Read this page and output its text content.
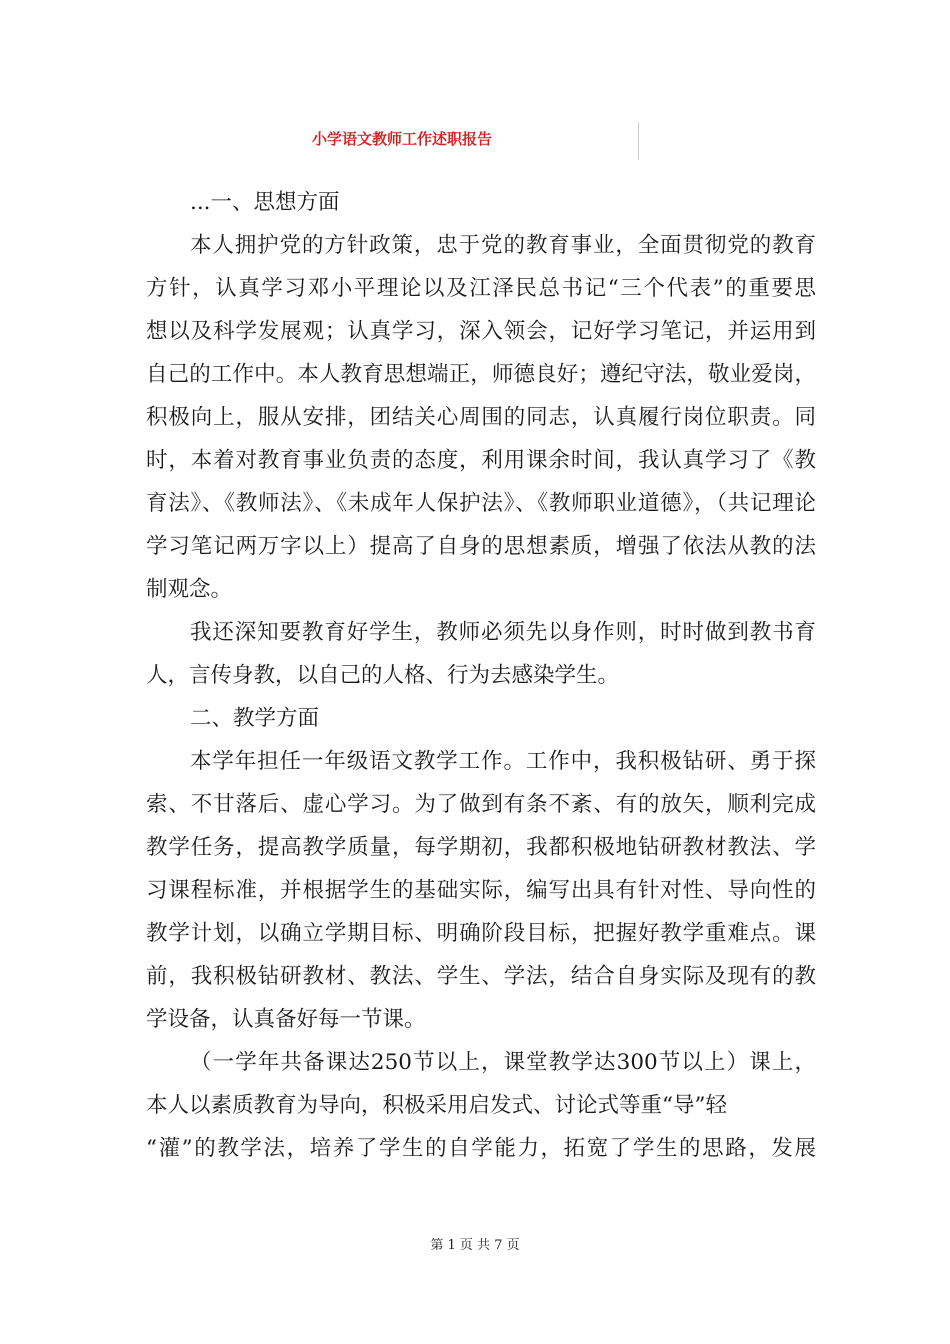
小学语文教师工作述职报告
...一、思想方面
本人拥护党的方针政策，忠于党的教育事业，全面贯彻党的教育
方针，认真学习邓小平理论以及江泽民总书记“三个代表”的重要思
想以及科学发展观；认真学习，深入领会，记好学习笔记，并运用到
自己的工作中。本人教育思想端正，师德良好；遵纪守法，敬业爱岗，
积极向上，服从安排，团结关心周围的同志，认真履行岗位职责。同
时，本着对教育事业负责的态度，利用课余时间，我认真学习了《教
育法》、《教师法》、《未成年人保护法》、《教师职业道德》，（共记理论
学习笔记两万字以上）提高了自身的思想素质，增强了依法从教的法
制观念。
我还深知要教育好学生，教师必须先以身作则，时时做到教书育
人，言传身教，以自己的人格、行为去感染学生。
二、教学方面
本学年担任一年级语文教学工作。工作中，我积极钻研、勇于探
索、不甘落后、虚心学习。为了做到有条不紊、有的放矢，顺利完成
教学任务，提高教学质量，每学期初，我都积极地钻研教材教法、学
习课程标准，并根据学生的基础实际，编写出具有针对性、导向性的
教学计划，以确立学期目标、明确阶段目标，把握好教学重难点。课
前，我积极钻研教材、教法、学生、学法，结合自身实际及现有的教
学设备，认真备好每一节课。
（一学年共备课达250节以上，课堂教学达300节以上）课上，
本人以素质教育为导向，积极采用启发式、讨论式等重“导”轻
“灌”的教学法，培养了学生的自学能力，拓宽了学生的思路，发展
第 1 页 共 7 页
